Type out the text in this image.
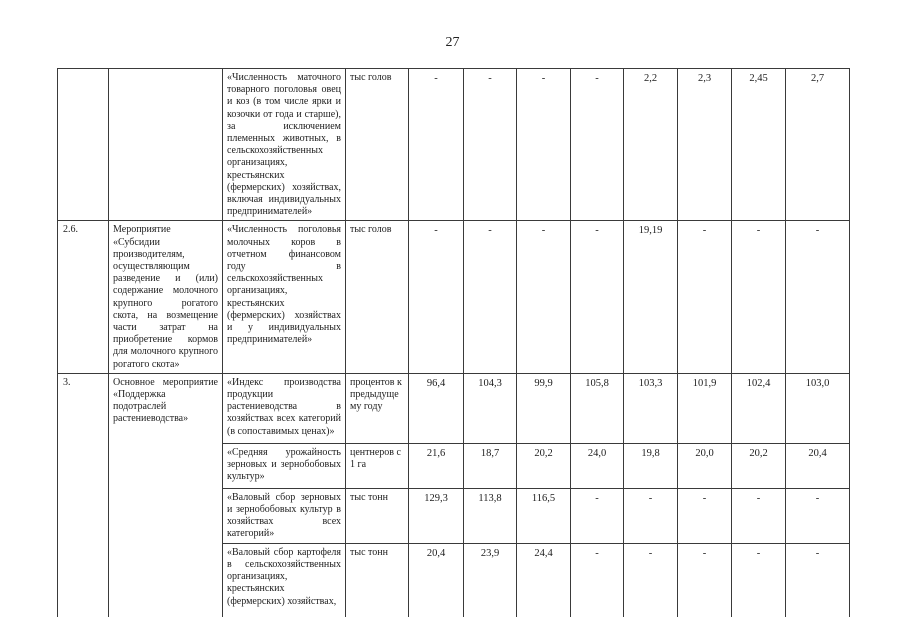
27
		«Численность маточного товарного поголовья овец и коз (в том числе ярки и козочки от года и старше), за исключением племенных животных, в сельскохозяйственных организациях, крестьянских (фермерских) хозяйствах, включая индивидуальных предпринимателей»	тыс голов	-	-	-	-	2,2	2,3	2,45	2,7
2.6.	Мероприятие «Субсидии производителям, осуществляющим разведение и (или) содержание молочного крупного рогатого скота, на возмещение части затрат на приобретение кормов для молочного крупного рогатого скота»	«Численность поголовья молочных коров в отчетном финансовом году в сельскохозяйственных организациях, крестьянских (фермерских) хозяйствах и у индивидуальных предпринимателей»	тыс голов	-	-	-	-	19,19	-	-	-
3.	Основное мероприятие «Поддержка подотраслей растениеводства»	«Индекс производства продукции растениеводства в хозяйствах всех категорий (в сопоставимых ценах)»	процентов к предыдущему году	96,4	104,3	99,9	105,8	103,3	101,9	102,4	103,0
		«Средняя урожайность зерновых и зернобобовых культур»	центнеров с 1 га	21,6	18,7	20,2	24,0	19,8	20,0	20,2	20,4
		«Валовый сбор зерновых и зернобобовых культур в хозяйствах всех категорий»	тыс тонн	129,3	113,8	116,5	-	-	-	-	-
		«Валовый сбор картофеля в сельскохозяйственных организациях, крестьянских (фермерских) хозяйствах,	тыс тонн	20,4	23,9	24,4	-	-	-	-	-
